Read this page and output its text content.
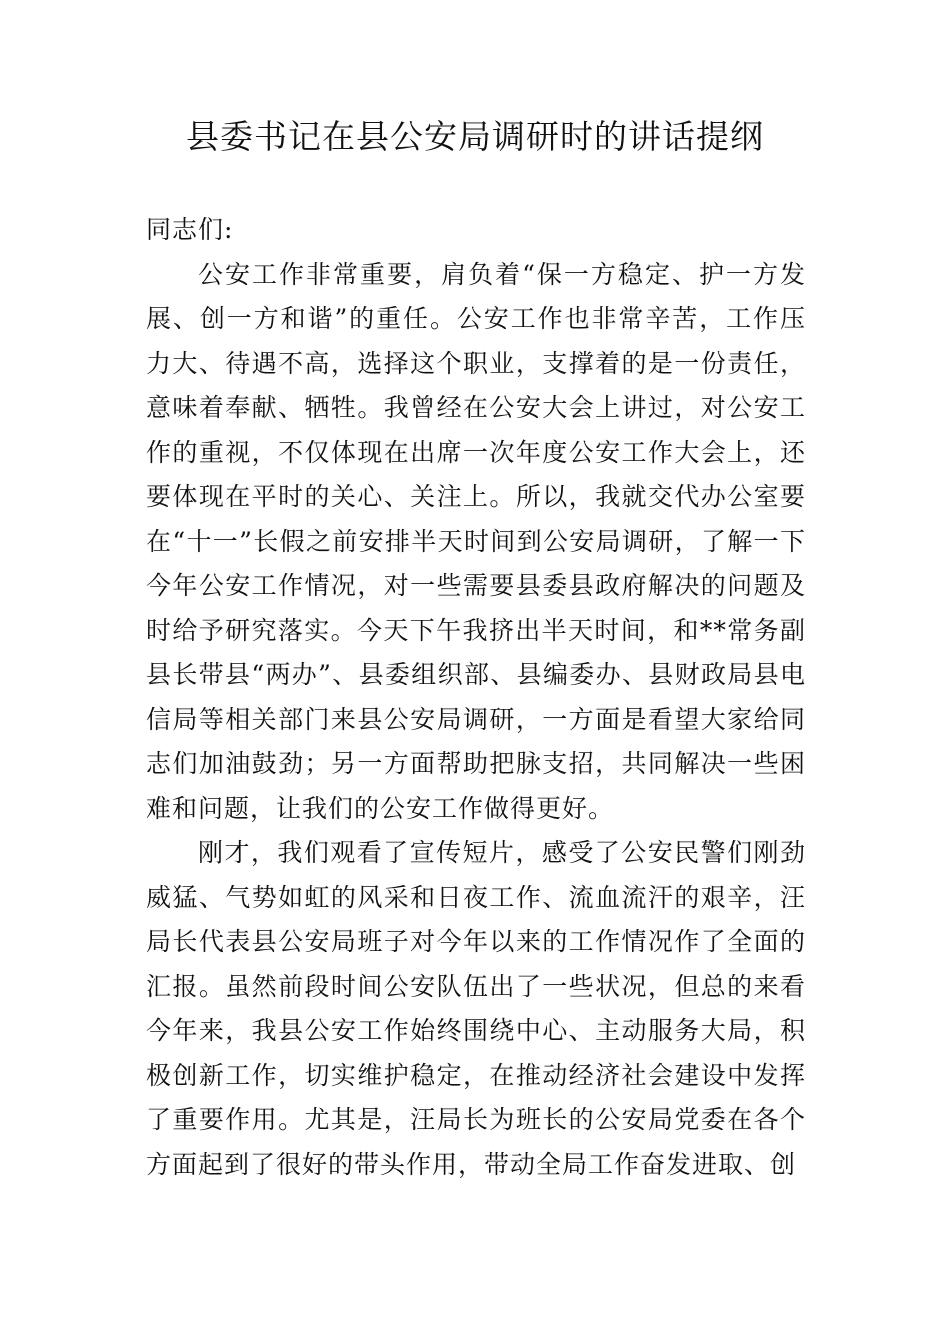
县委书记在县公安局调研时的讲话提纲

同志们:

公安工作非常重要，肩负着“保一方稳定、护一方发展、创一方和谐”的重任。公安工作也非常辛苦，工作压力大、待遇不高，选择这个职业，支撑着的是一份责任，意味着奉献、牺牲。我曾经在公安大会上讲过，对公安工作的重视，不仅体现在出席一次年度公安工作大会上，还要体现在平时的关心、关注上。所以，我就交代办公室要在“十一”长假之前安排半天时间到公安局调研，了解一下今年公安工作情况，对一些需要县委县政府解决的问题及时给予研究落实。今天下午我挤出半天时间，和**常务副县长带县“两办”、县委组织部、县编委办、县财政局县电信局等相关部门来县公安局调研，一方面是看望大家给同志们加油鼓劲；另一方面帮助把脉支招，共同解决一些困难和问题，让我们的公安工作做得更好。

刚才，我们观看了宣传短片，感受了公安民警们刚劲威猛、气势如虹的风采和日夜工作、流血流汗的艰辛，汪局长代表县公安局班子对今年以来的工作情况作了全面的汇报。虽然前段时间公安队伍出了一些状况，但总的来看今年来，我县公安工作始终围绕中心、主动服务大局，积极创新工作，切实维护稳定，在推动经济社会建设中发挥了重要作用。尤其是，汪局长为班长的公安局党委在各个方面起到了很好的带头作用，带动全局工作奋发进取、创
